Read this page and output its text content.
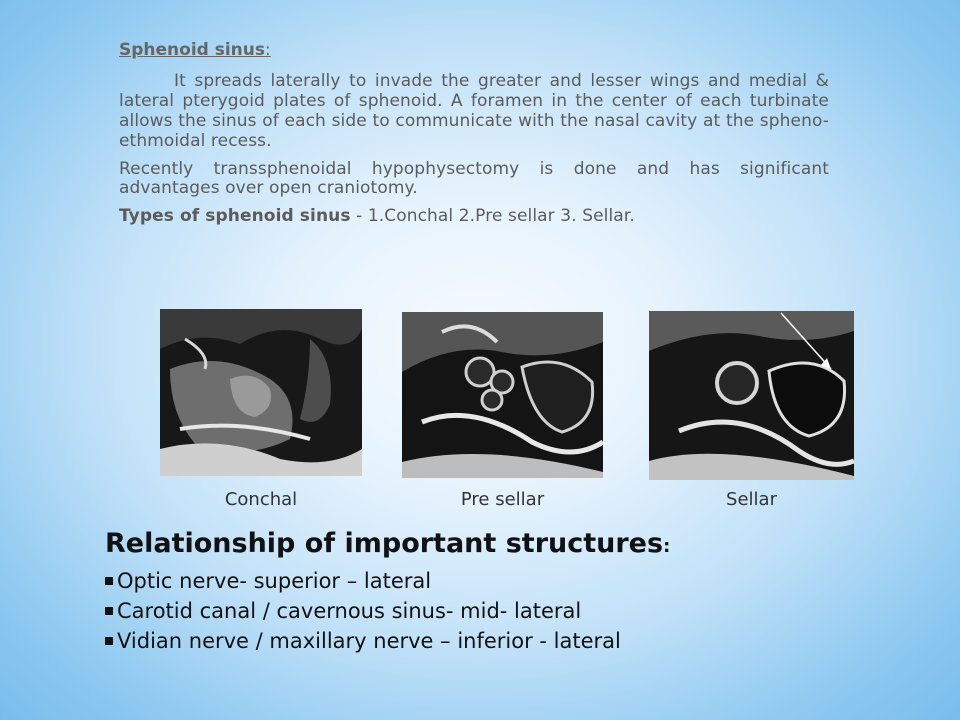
Sphenoid sinus:

It spreads laterally to invade the greater and lesser wings and medial & lateral pterygoid plates of sphenoid. A foramen in the center of each turbinate allows the sinus of each side to communicate with the nasal cavity at the spheno-ethmoidal recess.

Recently transsphenoidal hypophysectomy is done and has significant advantages over open craniotomy.

Types of sphenoid sinus - 1.Conchal 2.Pre sellar 3. Sellar.

Conchal	Pre sellar	Sellar
Relationship of important structures:
Optic nerve- superior – lateral
Carotid canal / cavernous sinus- mid- lateral
Vidian nerve / maxillary nerve – inferior - lateral
